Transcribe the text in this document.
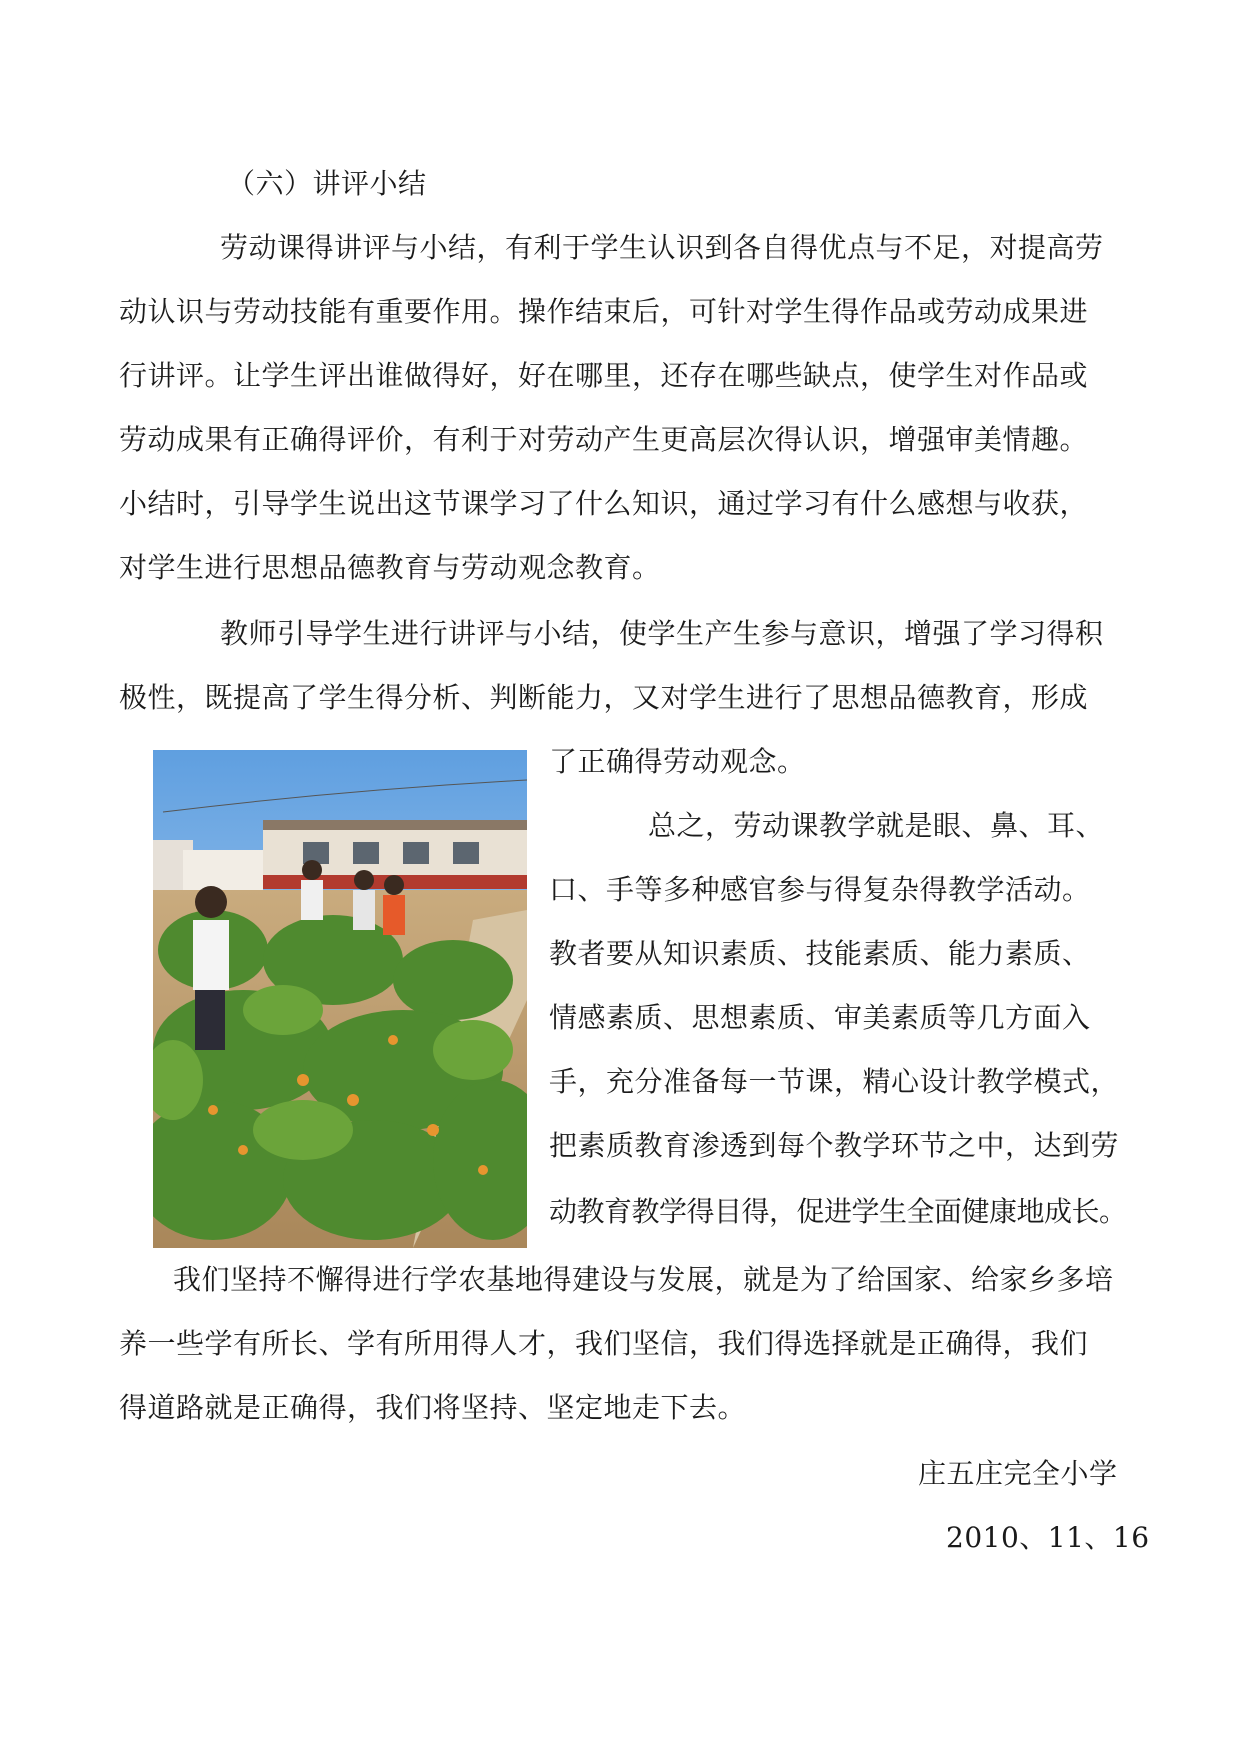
（六）讲评小结
劳动课得讲评与小结，有利于学生认识到各自得优点与不足，对提高劳
动认识与劳动技能有重要作用。操作结束后，可针对学生得作品或劳动成果进
行讲评。让学生评出谁做得好，好在哪里，还存在哪些缺点，使学生对作品或
劳动成果有正确得评价，有利于对劳动产生更高层次得认识，增强审美情趣。
小结时，引导学生说出这节课学习了什么知识，通过学习有什么感想与收获，
对学生进行思想品德教育与劳动观念教育。
教师引导学生进行讲评与小结，使学生产生参与意识，增强了学习得积
极性，既提高了学生得分析、判断能力，又对学生进行了思想品德教育，形成
了正确得劳动观念。
总之，劳动课教学就是眼、鼻、耳、
口、手等多种感官参与得复杂得教学活动。
教者要从知识素质、技能素质、能力素质、
情感素质、思想素质、审美素质等几方面入
手，充分准备每一节课，精心设计教学模式，
把素质教育渗透到每个教学环节之中，达到劳
动教育教学得目得，促进学生全面健康地成长。
我们坚持不懈得进行学农基地得建设与发展，就是为了给国家、给家乡多培
养一些学有所长、学有所用得人才，我们坚信，我们得选择就是正确得，我们
得道路就是正确得，我们将坚持、坚定地走下去。
庄五庄完全小学
2010、11、16
